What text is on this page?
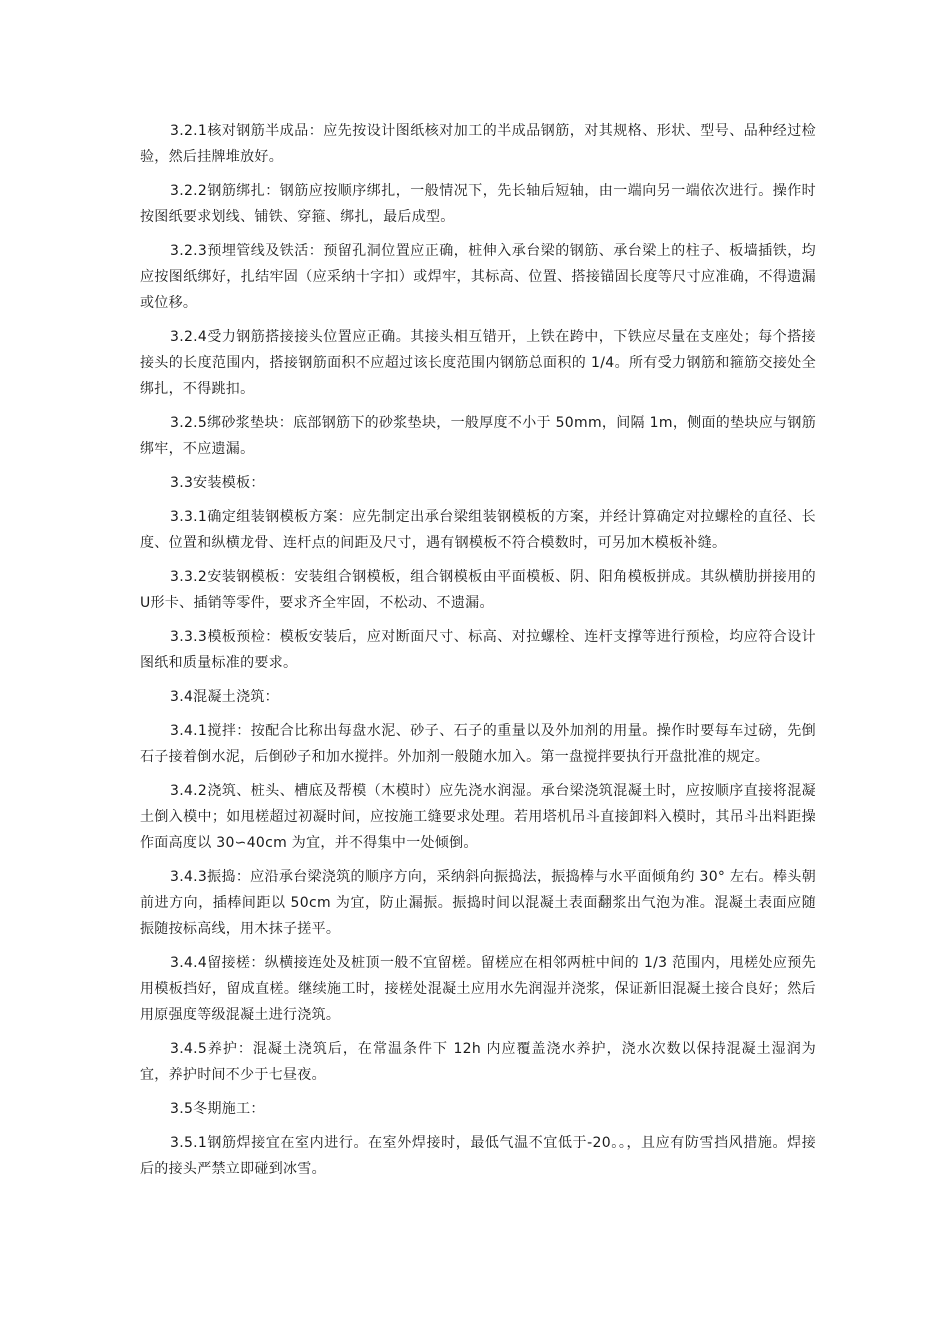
3.2.1核对钢筋半成品：应先按设计图纸核对加工的半成品钢筋，对其规格、形状、型号、品种经过检验，然后挂牌堆放好。

3.2.2钢筋绑扎：钢筋应按顺序绑扎，一般情况下，先长轴后短轴，由一端向另一端依次进行。操作时按图纸要求划线、铺铁、穿箍、绑扎，最后成型。

3.2.3预埋管线及铁活：预留孔洞位置应正确，桩伸入承台梁的钢筋、承台梁上的柱子、板墙插铁，均应按图纸绑好，扎结牢固（应采纳十字扣）或焊牢，其标高、位置、搭接锚固长度等尺寸应准确，不得遗漏或位移。

3.2.4受力钢筋搭接接头位置应正确。其接头相互错开，上铁在跨中，下铁应尽量在支座处；每个搭接接头的长度范围内，搭接钢筋面积不应超过该长度范围内钢筋总面积的 1/4。所有受力钢筋和箍筋交接处全绑扎，不得跳扣。

3.2.5绑砂浆垫块：底部钢筋下的砂浆垫块，一般厚度不小于 50mm，间隔 1m，侧面的垫块应与钢筋绑牢，不应遗漏。

3.3安装模板：

3.3.1确定组装钢模板方案：应先制定出承台梁组装钢模板的方案，并经计算确定对拉螺栓的直径、长度、位置和纵横龙骨、连杆点的间距及尺寸，遇有钢模板不符合模数时，可另加木模板补缝。

3.3.2安装钢模板：安装组合钢模板，组合钢模板由平面模板、阴、阳角模板拼成。其纵横肋拼接用的U形卡、插销等零件，要求齐全牢固，不松动、不遗漏。

3.3.3模板预检：模板安装后，应对断面尺寸、标高、对拉螺栓、连杆支撑等进行预检，均应符合设计图纸和质量标准的要求。

3.4混凝土浇筑：

3.4.1搅拌：按配合比称出每盘水泥、砂子、石子的重量以及外加剂的用量。操作时要每车过磅，先倒石子接着倒水泥，后倒砂子和加水搅拌。外加剂一般随水加入。第一盘搅拌要执行开盘批准的规定。

3.4.2浇筑、桩头、槽底及帮模（木模时）应先浇水润湿。承台梁浇筑混凝土时，应按顺序直接将混凝土倒入模中；如甩槎超过初凝时间，应按施工缝要求处理。若用塔机吊斗直接卸料入模时，其吊斗出料距操作面高度以 30∽40cm 为宜，并不得集中一处倾倒。

3.4.3振捣：应沿承台梁浇筑的顺序方向，采纳斜向振捣法，振捣棒与水平面倾角约 30° 左右。棒头朝前进方向，插棒间距以 50cm 为宜，防止漏振。振捣时间以混凝土表面翻浆出气泡为准。混凝土表面应随振随按标高线，用木抹子搓平。

3.4.4留接槎：纵横接连处及桩顶一般不宜留槎。留槎应在相邻两桩中间的 1/3 范围内，甩槎处应预先用模板挡好，留成直槎。继续施工时，接槎处混凝土应用水先润湿并浇浆，保证新旧混凝土接合良好；然后用原强度等级混凝土进行浇筑。

3.4.5养护：混凝土浇筑后，在常温条件下 12h 内应覆盖浇水养护，浇水次数以保持混凝土湿润为宜，养护时间不少于七昼夜。

3.5冬期施工：

3.5.1钢筋焊接宜在室内进行。在室外焊接时，最低气温不宜低于-20。。，且应有防雪挡风措施。焊接后的接头严禁立即碰到冰雪。
